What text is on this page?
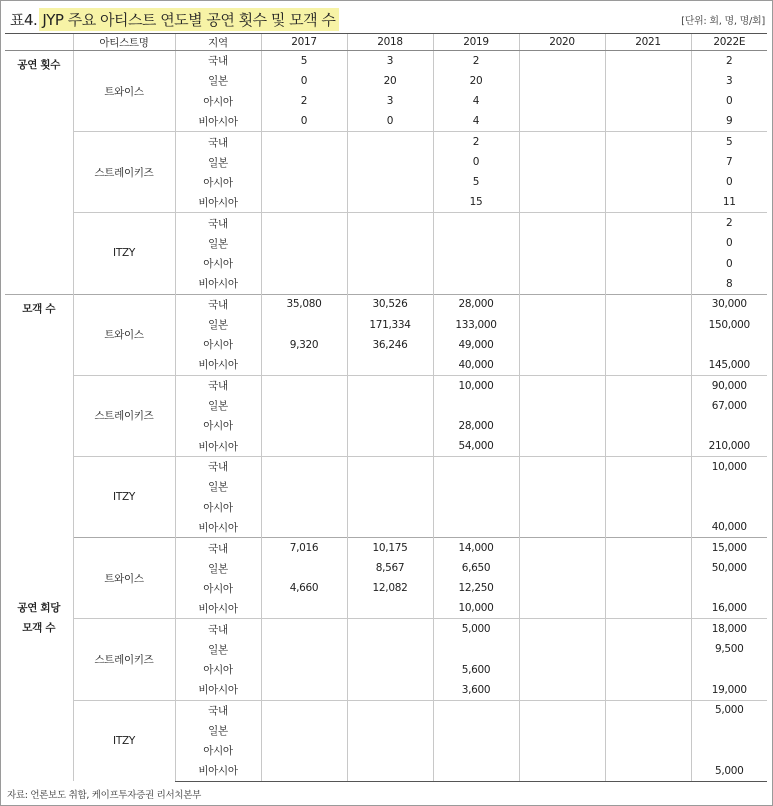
표4. JYP 주요 아티스트 연도별 공연 횟수 및 모객 수	[단위: 회, 명, 명/회]
	아티스트명	지역	2017	2018	2019	2020	2021	2022E

공연 횟수	트와이스	국내	5	3	2			2
		일본	0	20	20			3
		아시아	2	3	4			0
		비아시아	0	0	4			9
	스트레이키즈	국내			2			5
		일본			0			7
		아시아			5			0
		비아시아			15			11
	ITZY	국내						2
		일본						0
		아시아						0
		비아시아						8

모객 수	트와이스	국내	35,080	30,526	28,000			30,000
		일본		171,334	133,000			150,000
		아시아	9,320	36,246	49,000			
		비아시아			40,000			145,000
	스트레이키즈	국내			10,000			90,000
		일본						67,000
		아시아			28,000			
		비아시아			54,000			210,000
	ITZY	국내						10,000
		일본						
		아시아						
		비아시아						40,000

공연 회당
모객 수	트와이스	국내	7,016	10,175	14,000			15,000
		일본		8,567	6,650			50,000
		아시아	4,660	12,082	12,250			
		비아시아			10,000			16,000
	스트레이키즈	국내			5,000			18,000
		일본						9,500
		아시아			5,600			
		비아시아			3,600			19,000
	ITZY	국내						5,000
		일본						
		아시아						
		비아시아						5,000
자료: 언론보도 취합, 케이프투자증권 리서치본부
